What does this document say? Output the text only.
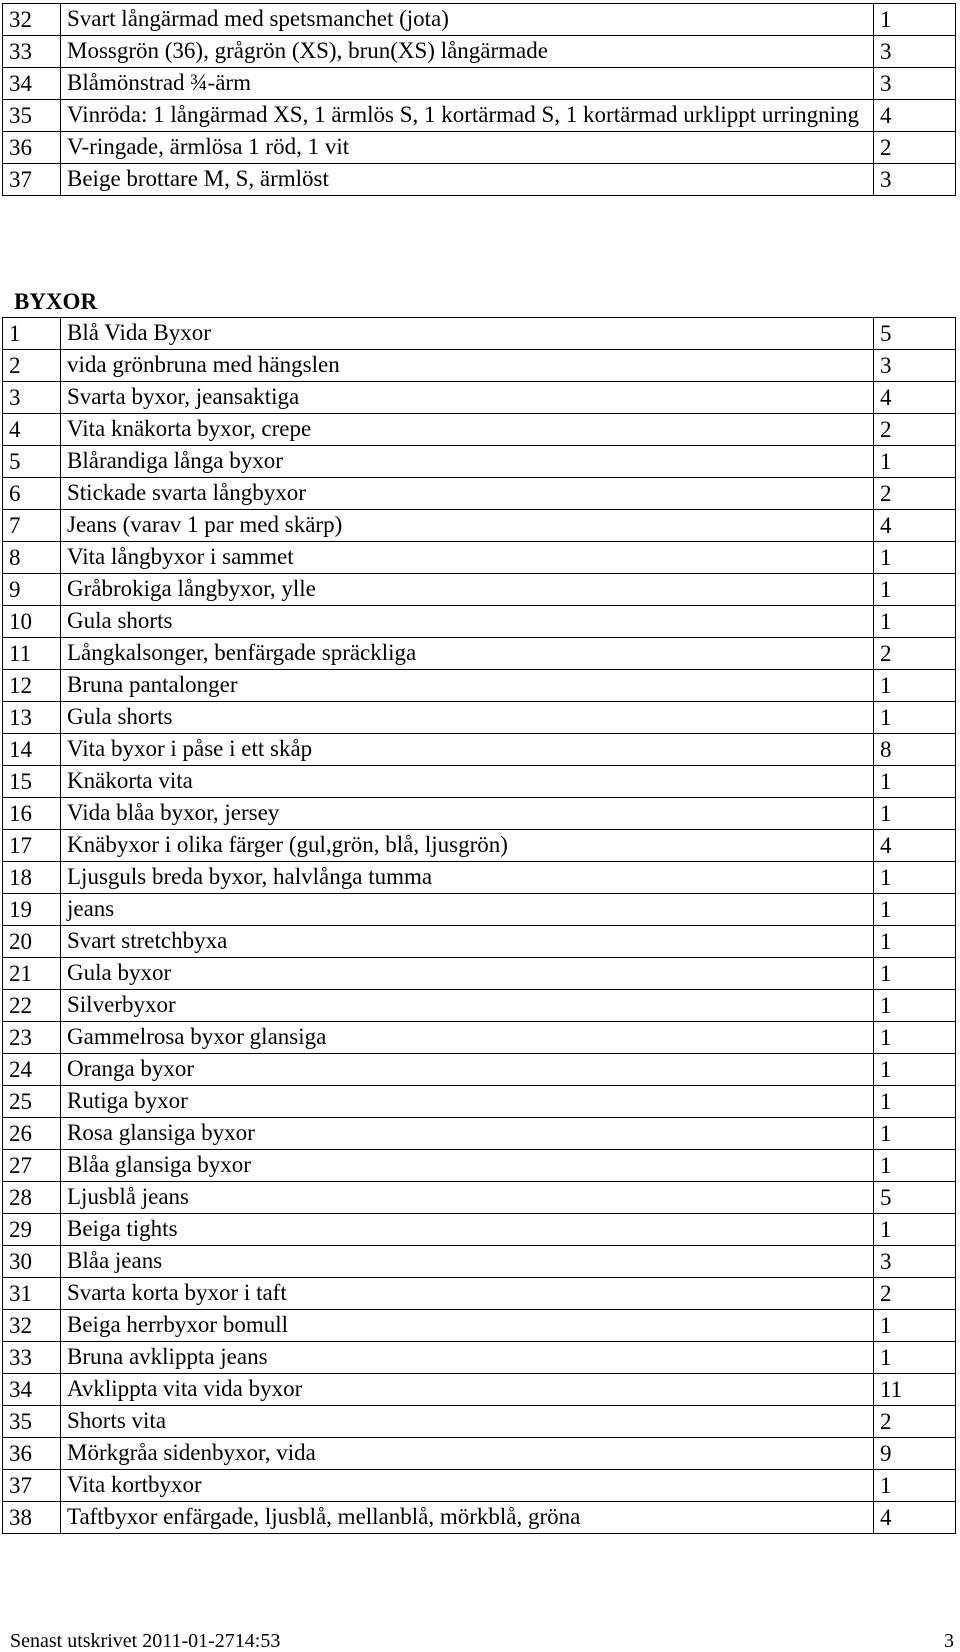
32	Svart långärmad med spetsmanchet (jota)	1
33	Mossgrön (36), grågrön (XS), brun(XS) långärmade	3
34	Blåmönstrad ¾-ärm	3
35	Vinröda: 1 långärmad XS, 1 ärmlös S, 1 kortärmad S, 1 kortärmad urklippt urringning	4
36	V-ringade, ärmlösa 1 röd, 1 vit	2
37	Beige brottare M, S, ärmlöst	3
BYXOR
1	Blå Vida Byxor	5
2	vida grönbruna med hängslen	3
3	Svarta byxor, jeansaktiga	4
4	Vita knäkorta byxor, crepe	2
5	Blårandiga långa byxor	1
6	Stickade svarta långbyxor	2
7	Jeans (varav 1 par med skärp)	4
8	Vita långbyxor i sammet	1
9	Gråbrokiga långbyxor, ylle	1
10	Gula shorts	1
11	Långkalsonger, benfärgade spräckliga	2
12	Bruna pantalonger	1
13	Gula shorts	1
14	Vita byxor i påse i ett skåp	8
15	Knäkorta vita	1
16	Vida blåa byxor, jersey	1
17	Knäbyxor i olika färger (gul,grön, blå, ljusgrön)	4
18	Ljusguls breda byxor, halvlånga tumma	1
19	jeans	1
20	Svart stretchbyxa	1
21	Gula byxor	1
22	Silverbyxor	1
23	Gammelrosa byxor glansiga	1
24	Oranga byxor	1
25	Rutiga byxor	1
26	Rosa glansiga byxor	1
27	Blåa glansiga byxor	1
28	Ljusblå jeans	5
29	Beiga tights	1
30	Blåa jeans	3
31	Svarta korta byxor i taft	2
32	Beiga herrbyxor bomull	1
33	Bruna avklippta jeans	1
34	Avklippta vita vida byxor	11
35	Shorts vita	2
36	Mörkgråa sidenbyxor, vida	9
37	Vita kortbyxor	1
38	Taftbyxor enfärgade, ljusblå, mellanblå, mörkblå, gröna	4
Senast utskrivet 2011-01-2714:53	3
